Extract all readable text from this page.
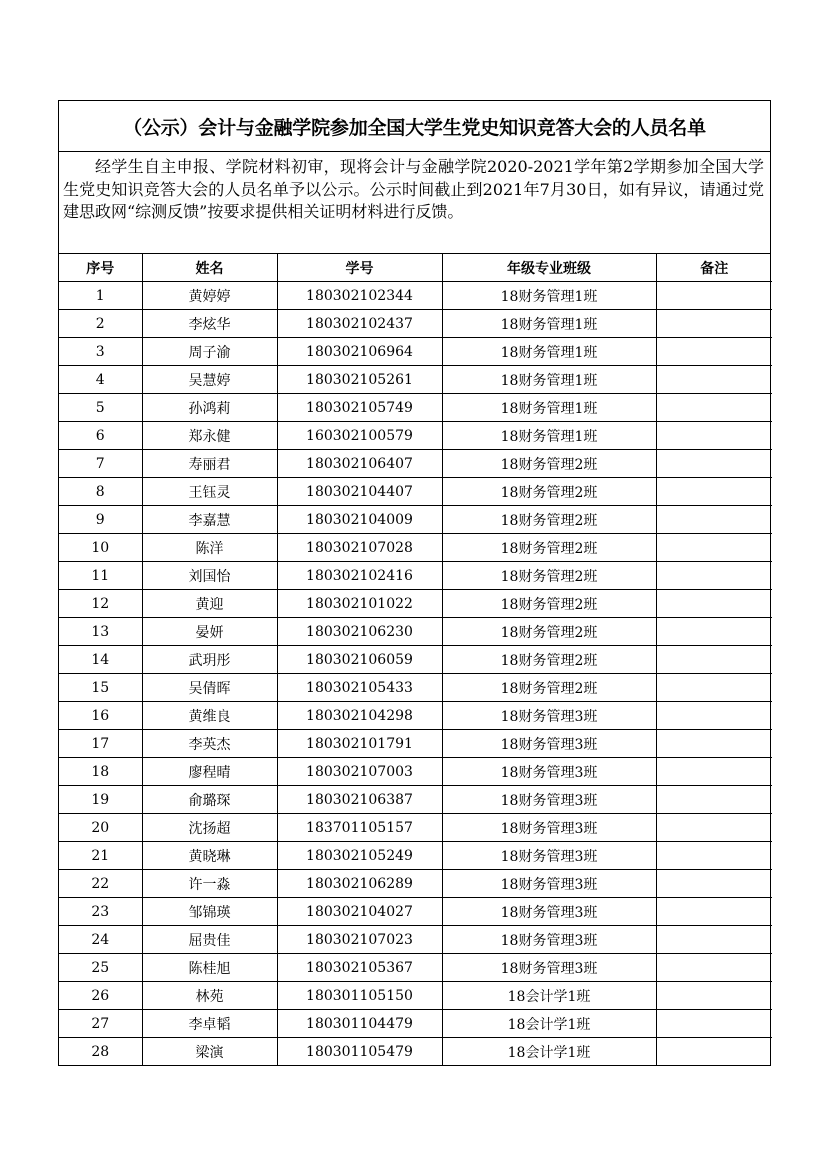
（公示）会计与金融学院参加全国大学生党史知识竞答大会的人员名单
经学生自主申报、学院材料初审，现将会计与金融学院2020-2021学年第2学期参加全国大学生党史知识竞答大会的人员名单予以公示。公示时间截止到2021年7月30日，如有异议，请通过党建思政网“综测反馈”按要求提供相关证明材料进行反馈。
序号	姓名	学号	年级专业班级	备注
1	黄婷婷	180302102344	18财务管理1班	
2	李炫华	180302102437	18财务管理1班	
3	周子渝	180302106964	18财务管理1班	
4	吴慧婷	180302105261	18财务管理1班	
5	孙鸿莉	180302105749	18财务管理1班	
6	郑永健	160302100579	18财务管理1班	
7	寿丽君	180302106407	18财务管理2班	
8	王钰灵	180302104407	18财务管理2班	
9	李嘉慧	180302104009	18财务管理2班	
10	陈洋	180302107028	18财务管理2班	
11	刘国怡	180302102416	18财务管理2班	
12	黄迎	180302101022	18财务管理2班	
13	晏妍	180302106230	18财务管理2班	
14	武玥彤	180302106059	18财务管理2班	
15	吴倩晖	180302105433	18财务管理2班	
16	黄维良	180302104298	18财务管理3班	
17	李英杰	180302101791	18财务管理3班	
18	廖程晴	180302107003	18财务管理3班	
19	俞璐琛	180302106387	18财务管理3班	
20	沈扬超	183701105157	18财务管理3班	
21	黄晓琳	180302105249	18财务管理3班	
22	许一淼	180302106289	18财务管理3班	
23	邹锦瑛	180302104027	18财务管理3班	
24	屈贵佳	180302107023	18财务管理3班	
25	陈桂旭	180302105367	18财务管理3班	
26	林苑	180301105150	18会计学1班	
27	李卓韬	180301104479	18会计学1班	
28	梁演	180301105479	18会计学1班	
